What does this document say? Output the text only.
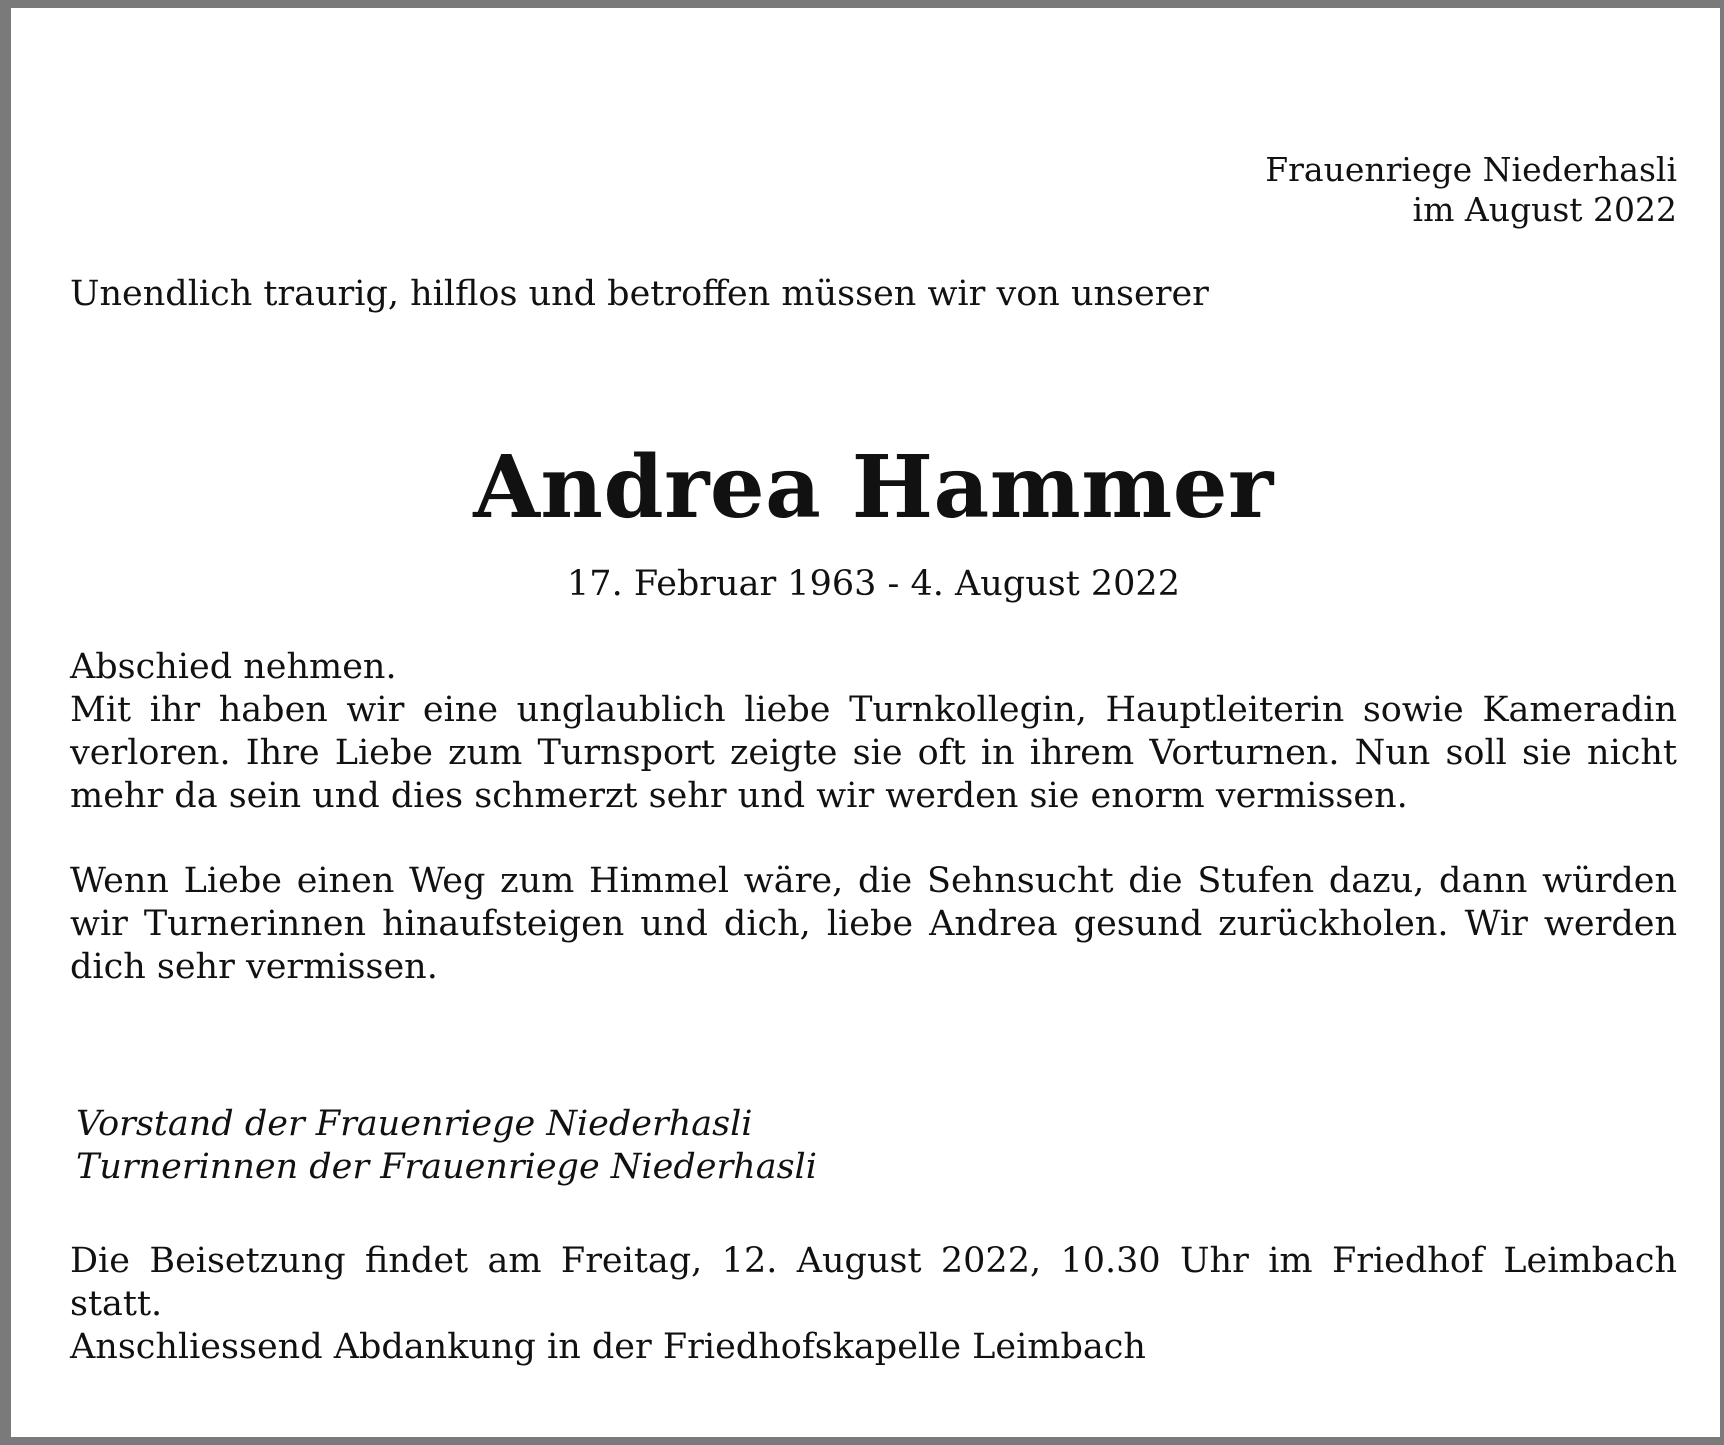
Frauenriege Niederhasli
im August 2022

Unendlich traurig, hilflos und betroffen müssen wir von unserer

Andrea Hammer

17. Februar 1963 - 4. August 2022

Abschied nehmen.
Mit ihr haben wir eine unglaublich liebe Turnkollegin, Hauptleiterin sowie Kameradin verloren. Ihre Liebe zum Turnsport zeigte sie oft in ihrem Vorturnen. Nun soll sie nicht mehr da sein und dies schmerzt sehr und wir werden sie enorm vermissen.

Wenn Liebe einen Weg zum Himmel wäre, die Sehnsucht die Stufen dazu, dann würden wir Turnerinnen hinaufsteigen und dich, liebe Andrea gesund zurückholen. Wir werden dich sehr vermissen.

Vorstand der Frauenriege Niederhasli
Turnerinnen der Frauenriege Niederhasli
Die Beisetzung findet am Freitag, 12. August 2022, 10.30 Uhr im Friedhof Leimbach statt.
Anschliessend Abdankung in der Friedhofskapelle Leimbach
